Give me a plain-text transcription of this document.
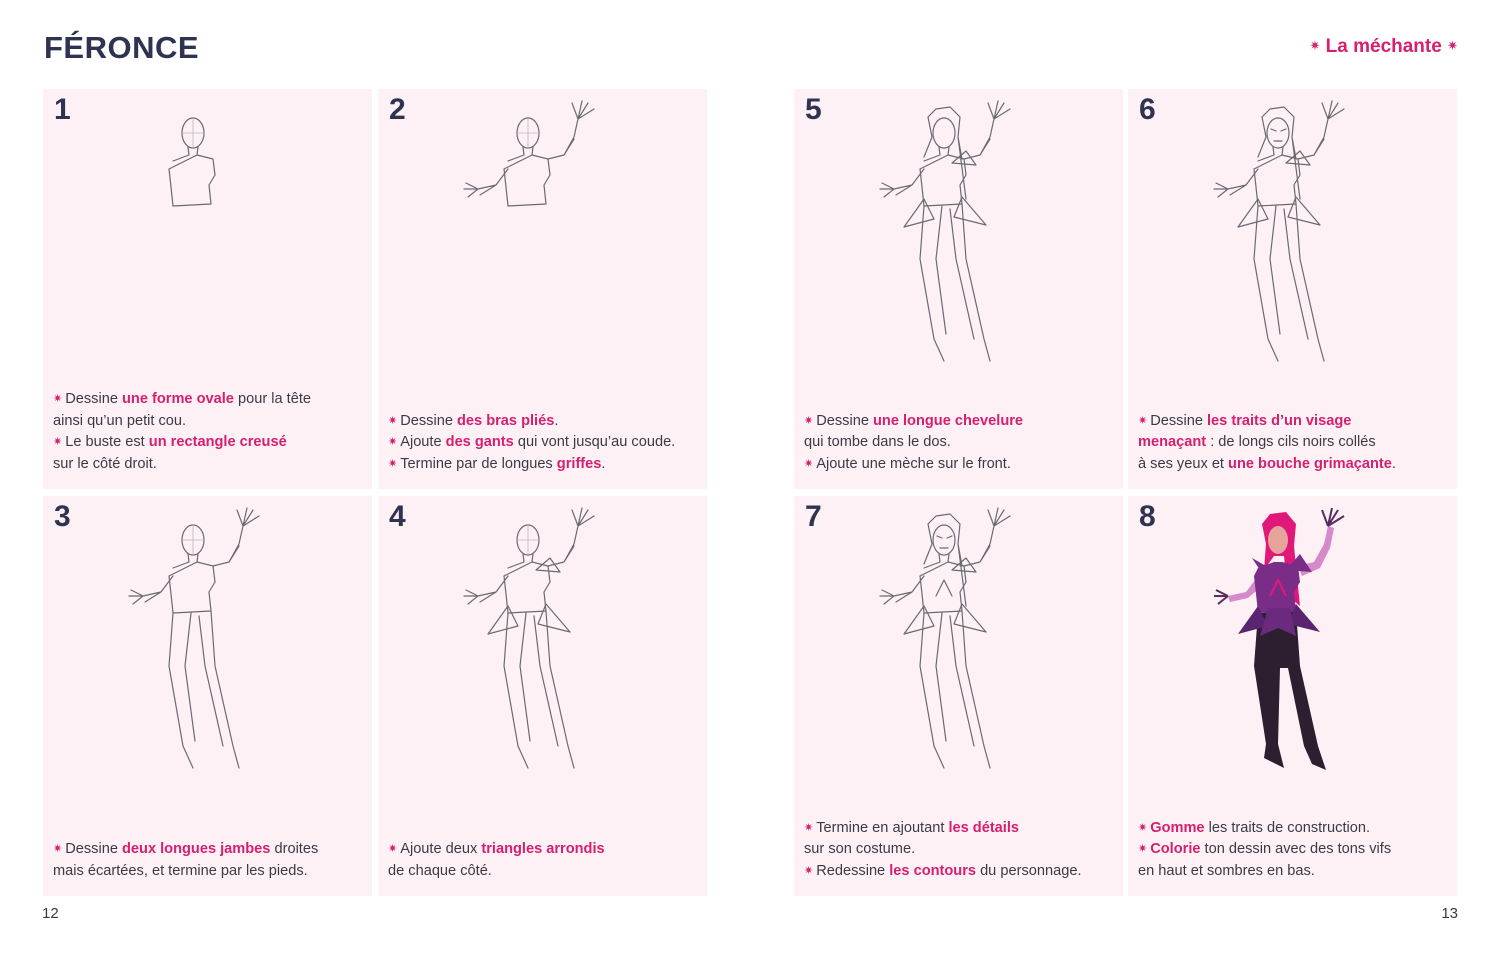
FÉRONCE	✷ La méchante ✷
1

✷ Dessine une forme ovale pour la tête

ainsi qu’un petit cou.

✷ Le buste est un rectangle creusé

sur le côté droit.

2

✷ Dessine des bras pliés.

✷ Ajoute des gants qui vont jusqu’au coude.

✷ Termine par de longues griffes.

3

✷ Dessine deux longues jambes droites

mais écartées, et termine par les pieds.

4

✷ Ajoute deux triangles arrondis

de chaque côté.

5

✷ Dessine une longue chevelure

qui tombe dans le dos.

✷ Ajoute une mèche sur le front.

6

✷ Dessine les traits d’un visage

menaçant : de longs cils noirs collés

à ses yeux et une bouche grimaçante.

7

✷ Termine en ajoutant les détails

sur son costume.

✷ Redessine les contours du personnage.

8

✷ Gomme les traits de construction.

✷ Colorie ton dessin avec des tons vifs

en haut et sombres en bas.

12	13
